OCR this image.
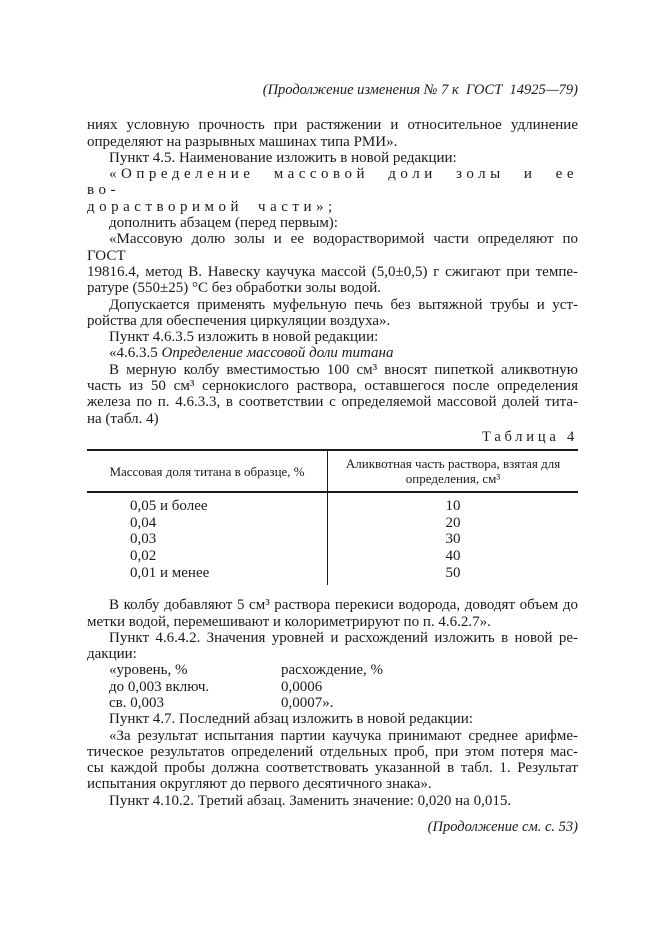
(Продолжение изменения № 7 к  ГОСТ  14925—79)
ниях условную прочность при растяжении и относительное удлинение
определяют на разрывных машинах типа РМИ».
Пункт 4.5. Наименование изложить в новой редакции:
«Определение массовой доли золы и ее во-
дорастворимой части»;
дополнить абзацем (перед первым):
«Массовую долю золы и ее водорастворимой части определяют по ГОСТ
19816.4, метод В. Навеску каучука массой (5,0±0,5) г сжигают при темпе-
ратуре (550±25) °С без обработки золы водой.
Допускается применять муфельную печь без вытяжной трубы и уст-
ройства для обеспечения циркуляции воздуха».
Пункт 4.6.3.5 изложить в новой редакции:
«4.6.3.5 Определение массовой доли титана
В мерную колбу вместимостью 100 см³ вносят пипеткой аликвотную
часть из 50 см³ сернокислого раствора, оставшегося после определения
железа по п. 4.6.3.3, в соответствии с определяемой массовой долей тита-
на (табл. 4)
Таблица 4
Массовая доля титана в образце, %	Аликвотная часть раствора, взятая для
определения, см³

0,05 и более	10
0,04	20
0,03	30
0,02	40
0,01 и менее	50
В колбу добавляют 5 см³ раствора перекиси водорода, доводят объем до
метки водой, перемешивают и колориметрируют по п. 4.6.2.7».
Пункт 4.6.4.2. Значения уровней и расхождений изложить в новой ре-
дакции:
«уровень, %	расхождение, %
до 0,003 включ.	0,0006
св. 0,003	0,0007».
Пункт 4.7. Последний абзац изложить в новой редакции:
«За результат испытания партии каучука принимают среднее арифме-
тическое результатов определений отдельных проб, при этом потеря мас-
сы каждой пробы должна соответствовать указанной в табл. 1. Результат
испытания округляют до первого десятичного знака».
Пункт 4.10.2. Третий абзац. Заменить значение: 0,020 на 0,015.
(Продолжение см. с. 53)
